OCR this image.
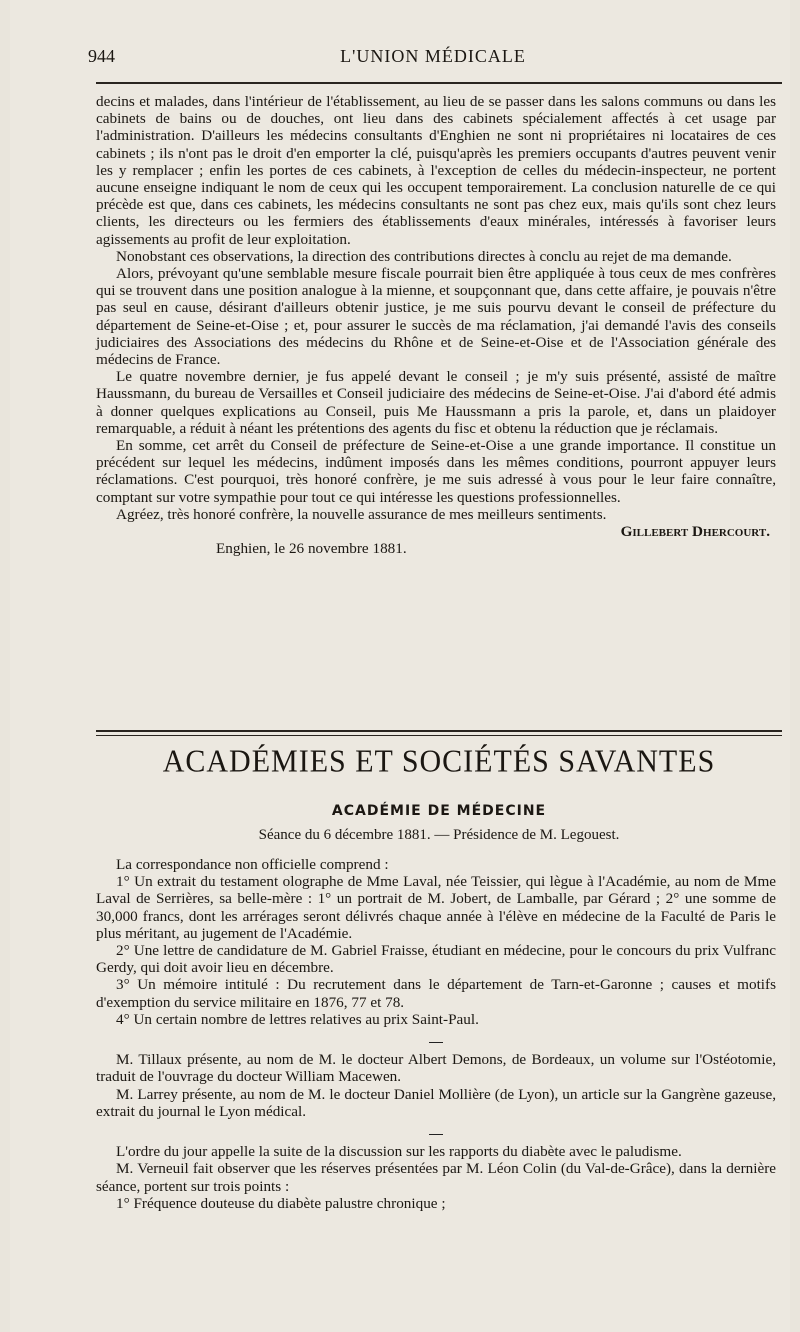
944	L'UNION MÉDICALE

decins et malades, dans l'intérieur de l'établissement, au lieu de se passer dans les salons communs ou dans les cabinets de bains ou de douches, ont lieu dans des cabinets spécialement affectés à cet usage par l'administration. D'ailleurs les médecins consultants d'Enghien ne sont ni propriétaires ni locataires de ces cabinets ; ils n'ont pas le droit d'en emporter la clé, puisqu'après les premiers occupants d'autres peuvent venir les y remplacer ; enfin les portes de ces cabinets, à l'exception de celles du médecin-inspecteur, ne portent aucune enseigne indiquant le nom de ceux qui les occupent temporairement. La conclusion naturelle de ce qui précède est que, dans ces cabinets, les médecins consultants ne sont pas chez eux, mais qu'ils sont chez leurs clients, les directeurs ou les fermiers des établissements d'eaux minérales, intéressés à favoriser leurs agissements au profit de leur exploitation.

Nonobstant ces observations, la direction des contributions directes à conclu au rejet de ma demande.

Alors, prévoyant qu'une semblable mesure fiscale pourrait bien être appliquée à tous ceux de mes confrères qui se trouvent dans une position analogue à la mienne, et soupçonnant que, dans cette affaire, je pouvais n'être pas seul en cause, désirant d'ailleurs obtenir justice, je me suis pourvu devant le conseil de préfecture du département de Seine-et-Oise ; et, pour assurer le succès de ma réclamation, j'ai demandé l'avis des conseils judiciaires des Associations des médecins du Rhône et de Seine-et-Oise et de l'Association générale des médecins de France.

Le quatre novembre dernier, je fus appelé devant le conseil ; je m'y suis présenté, assisté de maître Haussmann, du bureau de Versailles et Conseil judiciaire des médecins de Seine-et-Oise. J'ai d'abord été admis à donner quelques explications au Conseil, puis Me Haussmann a pris la parole, et, dans un plaidoyer remarquable, a réduit à néant les prétentions des agents du fisc et obtenu la réduction que je réclamais.

En somme, cet arrêt du Conseil de préfecture de Seine-et-Oise a une grande importance. Il constitue un précédent sur lequel les médecins, indûment imposés dans les mêmes conditions, pourront appuyer leurs réclamations. C'est pourquoi, très honoré confrère, je me suis adressé à vous pour le leur faire connaître, comptant sur votre sympathie pour tout ce qui intéresse les questions professionnelles.

Agréez, très honoré confrère, la nouvelle assurance de mes meilleurs sentiments.

Gillebert Dhercourt.

Enghien, le 26 novembre 1881.

ACADÉMIES ET SOCIÉTÉS SAVANTES
ACADÉMIE DE MÉDECINE
Séance du 6 décembre 1881. — Présidence de M. Legouest.

La correspondance non officielle comprend :

1° Un extrait du testament olographe de Mme Laval, née Teissier, qui lègue à l'Académie, au nom de Mme Laval de Serrières, sa belle-mère : 1° un portrait de M. Jobert, de Lamballe, par Gérard ; 2° une somme de 30,000 francs, dont les arrérages seront délivrés chaque année à l'élève en médecine de la Faculté de Paris le plus méritant, au jugement de l'Académie.

2° Une lettre de candidature de M. Gabriel Fraisse, étudiant en médecine, pour le concours du prix Vulfranc Gerdy, qui doit avoir lieu en décembre.

3° Un mémoire intitulé : Du recrutement dans le département de Tarn-et-Garonne ; causes et motifs d'exemption du service militaire en 1876, 77 et 78.

4° Un certain nombre de lettres relatives au prix Saint-Paul.

M. Tillaux présente, au nom de M. le docteur Albert Demons, de Bordeaux, un volume sur l'Ostéotomie, traduit de l'ouvrage du docteur William Macewen.

M. Larrey présente, au nom de M. le docteur Daniel Mollière (de Lyon), un article sur la Gangrène gazeuse, extrait du journal le Lyon médical.

L'ordre du jour appelle la suite de la discussion sur les rapports du diabète avec le paludisme.

M. Verneuil fait observer que les réserves présentées par M. Léon Colin (du Val-de-Grâce), dans la dernière séance, portent sur trois points :

1° Fréquence douteuse du diabète palustre chronique ;
